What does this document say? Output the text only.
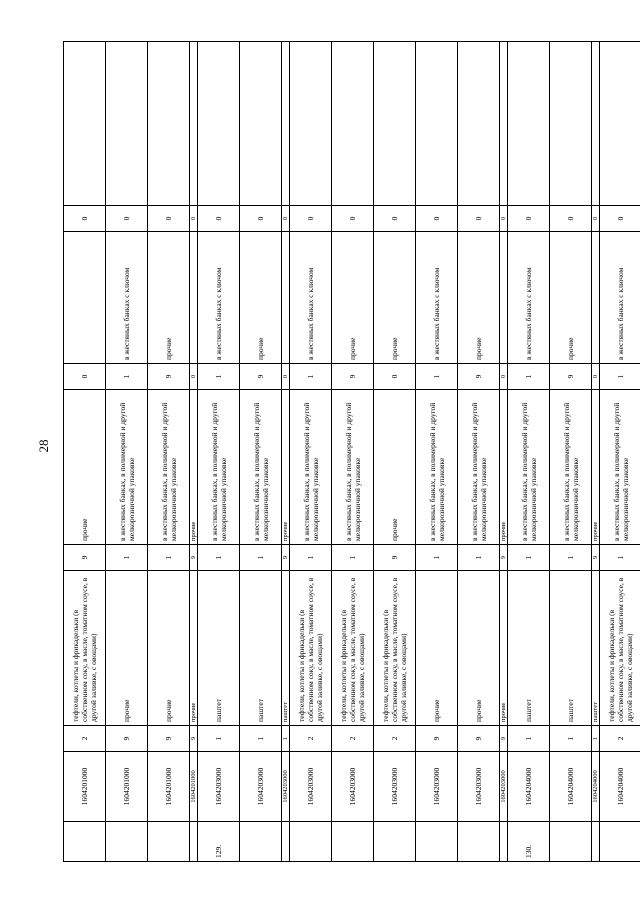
28
	1604201000	2	тефтели, котлеты и фрикадельки (в собственном соку, в масле, томатном соусе, в другой заливке, с овощами)	9	прочие	0		0	
	1604201000	9	прочие	1	в жестяных банках, в полимерной и другой мелкорозничной упаковке	1	в жестяных банках с ключом	0	
	1604201000	9	прочие	1	в жестяных банках, в полимерной и другой мелкорозничной упаковке	9	прочие	0	
	1604201000	9	прочие	9	прочие	0		0	
129.	1604203000	1	паштет	1	в жестяных банках, в полимерной и другой мелкорозничной упаковке	1	в жестяных банках с ключом	0	
	1604203000	1	паштет	1	в жестяных банках, в полимерной и другой мелкорозничной упаковке	9	прочие	0	
	1604203000	1	паштет	9	прочие	0		0	
	1604203000	2	тефтели, котлеты и фрикадельки (в собственном соку, в масле, томатном соусе, в другой заливке, с овощами)	1	в жестяных банках, в полимерной и другой мелкорозничной упаковке	1	в жестяных банках с ключом	0	
	1604203000	2	тефтели, котлеты и фрикадельки (в собственном соку, в масле, томатном соусе, в другой заливке, с овощами)	1	в жестяных банках, в полимерной и другой мелкорозничной упаковке	9	прочие	0	
	1604203000	2	тефтели, котлеты и фрикадельки (в собственном соку, в масле, томатном соусе, в другой заливке, с овощами)	9	прочие	0	прочие	0	
	1604203000	9	прочие	1	в жестяных банках, в полимерной и другой мелкорозничной упаковке	1	в жестяных банках с ключом	0	
	1604203000	9	прочие	1	в жестяных банках, в полимерной и другой мелкорозничной упаковке	9	прочие	0	
	1604203000	9	прочие	9	прочие	0		0	
130.	1604204000	1	паштет	1	в жестяных банках, в полимерной и другой мелкорозничной упаковке	1	в жестяных банках с ключом	0	
	1604204000	1	паштет	1	в жестяных банках, в полимерной и другой мелкорозничной упаковке	9	прочие	0	
	1604204000	1	паштет	9	прочие	0		0	
	1604204000	2	тефтели, котлеты и фрикадельки (в собственном соку, в масле, томатном соусе, в другой заливке, с овощами)	1	в жестяных банках, в полимерной и другой мелкорозничной упаковке	1	в жестяных банках с ключом	0	
